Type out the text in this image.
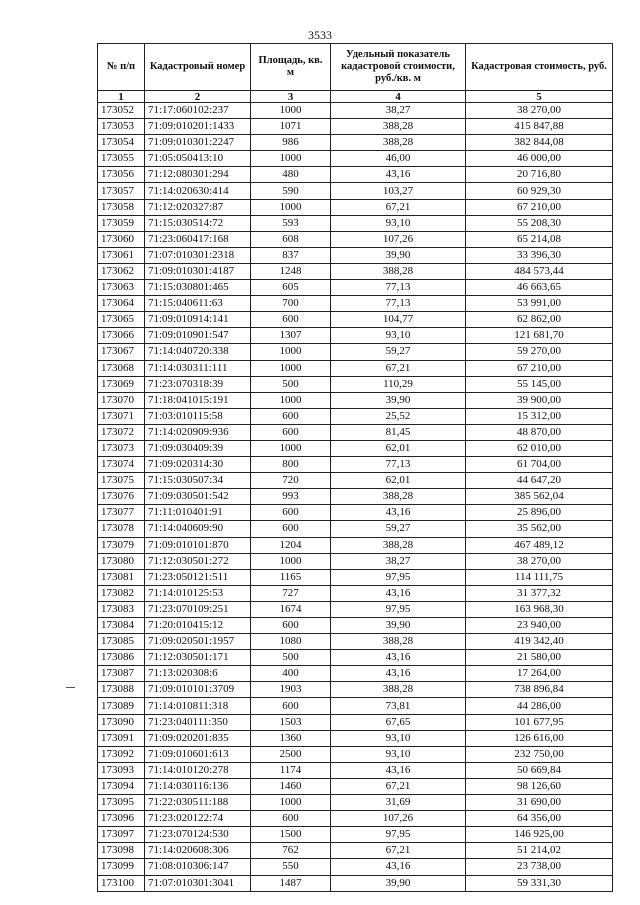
3533
№ п/п	Кадастровый номер	Площадь, кв. м	Удельный показатель кадастровой стоимости, руб./кв. м	Кадастровая стоимость, руб.
1	2	3	4	5
173052	71:17:060102:237	1000	38,27	38 270,00
173053	71:09:010201:1433	1071	388,28	415 847,88
173054	71:09:010301:2247	986	388,28	382 844,08
173055	71:05:050413:10	1000	46,00	46 000,00
173056	71:12:080301:294	480	43,16	20 716,80
173057	71:14:020630:414	590	103,27	60 929,30
173058	71:12:020327:87	1000	67,21	67 210,00
173059	71:15:030514:72	593	93,10	55 208,30
173060	71:23:060417:168	608	107,26	65 214,08
173061	71:07:010301:2318	837	39,90	33 396,30
173062	71:09:010301:4187	1248	388,28	484 573,44
173063	71:15:030801:465	605	77,13	46 663,65
173064	71:15:040611:63	700	77,13	53 991,00
173065	71:09:010914:141	600	104,77	62 862,00
173066	71:09:010901:547	1307	93,10	121 681,70
173067	71:14:040720:338	1000	59,27	59 270,00
173068	71:14:030311:111	1000	67,21	67 210,00
173069	71:23:070318:39	500	110,29	55 145,00
173070	71:18:041015:191	1000	39,90	39 900,00
173071	71:03:010115:58	600	25,52	15 312,00
173072	71:14:020909:936	600	81,45	48 870,00
173073	71:09:030409:39	1000	62,01	62 010,00
173074	71:09:020314:30	800	77,13	61 704,00
173075	71:15:030507:34	720	62,01	44 647,20
173076	71:09:030501:542	993	388,28	385 562,04
173077	71:11:010401:91	600	43,16	25 896,00
173078	71:14:040609:90	600	59,27	35 562,00
173079	71:09:010101:870	1204	388,28	467 489,12
173080	71:12:030501:272	1000	38,27	38 270,00
173081	71:23:050121:511	1165	97,95	114 111,75
173082	71:14:010125:53	727	43,16	31 377,32
173083	71:23:070109:251	1674	97,95	163 968,30
173084	71:20:010415:12	600	39,90	23 940,00
173085	71:09:020501:1957	1080	388,28	419 342,40
173086	71:12:030501:171	500	43,16	21 580,00
173087	71:13:020308:6	400	43,16	17 264,00
173088	71:09:010101:3709	1903	388,28	738 896,84
173089	71:14:010811:318	600	73,81	44 286,00
173090	71:23:040111:350	1503	67,65	101 677,95
173091	71:09:020201:835	1360	93,10	126 616,00
173092	71:09:010601:613	2500	93,10	232 750,00
173093	71:14:010120:278	1174	43,16	50 669,84
173094	71:14:030116:136	1460	67,21	98 126,60
173095	71:22:030511:188	1000	31,69	31 690,00
173096	71:23:020122:74	600	107,26	64 356,00
173097	71:23:070124:530	1500	97,95	146 925,00
173098	71:14:020608:306	762	67,21	51 214,02
173099	71:08:010306:147	550	43,16	23 738,00
173100	71:07:010301:3041	1487	39,90	59 331,30
